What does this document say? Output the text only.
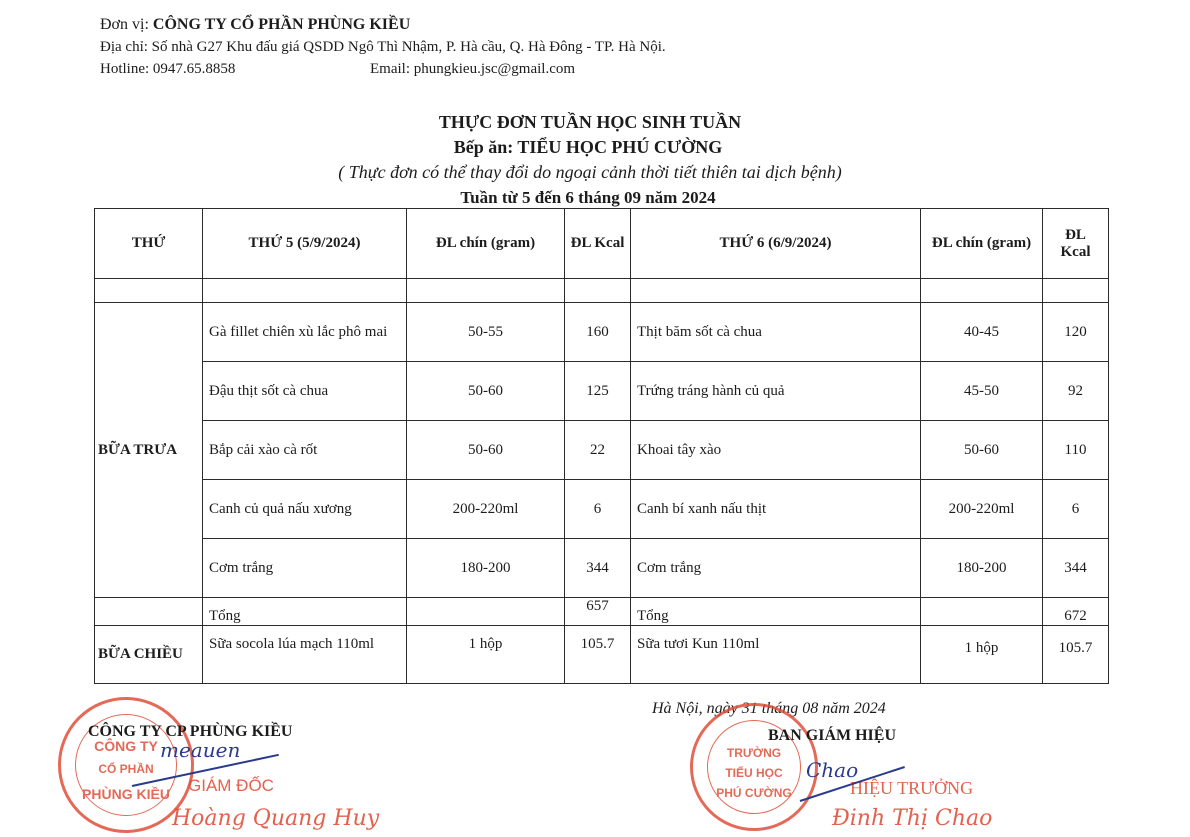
Đơn vị: CÔNG TY CỔ PHẦN PHÙNG KIỀU
Địa chỉ: Số nhà G27 Khu đấu giá QSDD Ngô Thì Nhậm, P. Hà cầu, Q. Hà Đông - TP. Hà Nội.
Hotline: 0947.65.8858	Email: phungkieu.jsc@gmail.com
THỰC ĐƠN TUẦN HỌC SINH TUẦN
Bếp ăn: TIỂU HỌC PHÚ CƯỜNG
( Thực đơn có thể thay đổi do ngoại cảnh thời tiết thiên tai dịch bệnh)
Tuần từ 5 đến 6 tháng 09 năm 2024
THỨ	THỨ 5 (5/9/2024)	ĐL chín (gram)	ĐL Kcal	THỨ 6 (6/9/2024)	ĐL chín (gram)	ĐL Kcal

BỮA TRƯA	Gà fillet chiên xù lắc phô mai	50-55	160	Thịt băm sốt cà chua	40-45	120
	Đậu thịt sốt cà chua	50-60	125	Trứng tráng hành củ quả	45-50	92
	Bắp cải xào cà rốt	50-60	22	Khoai tây xào	50-60	110
	Canh củ quả nấu xương	200-220ml	6	Canh bí xanh nấu thịt	200-220ml	6
	Cơm trắng	180-200	344	Cơm trắng	180-200	344
	Tổng		657	Tổng		672
BỮA CHIỀU	Sữa socola lúa mạch 110ml	1 hộp	105.7	Sữa tươi Kun 110ml	1 hộp	105.7
CÔNG TY
CỔ PHẦN
PHÙNG KIỀU
CÔNG TY CP PHÙNG KIỀU
GIÁM ĐỐC
Hoàng Quang Huy
meauen
Hà Nội, ngày 31 tháng 08 năm 2024
TRƯỜNG
TIỂU HỌC
PHÚ CƯỜNG
BAN GIÁM HIỆU
HIỆU TRƯỞNG
Đinh Thị Chao
Chao
